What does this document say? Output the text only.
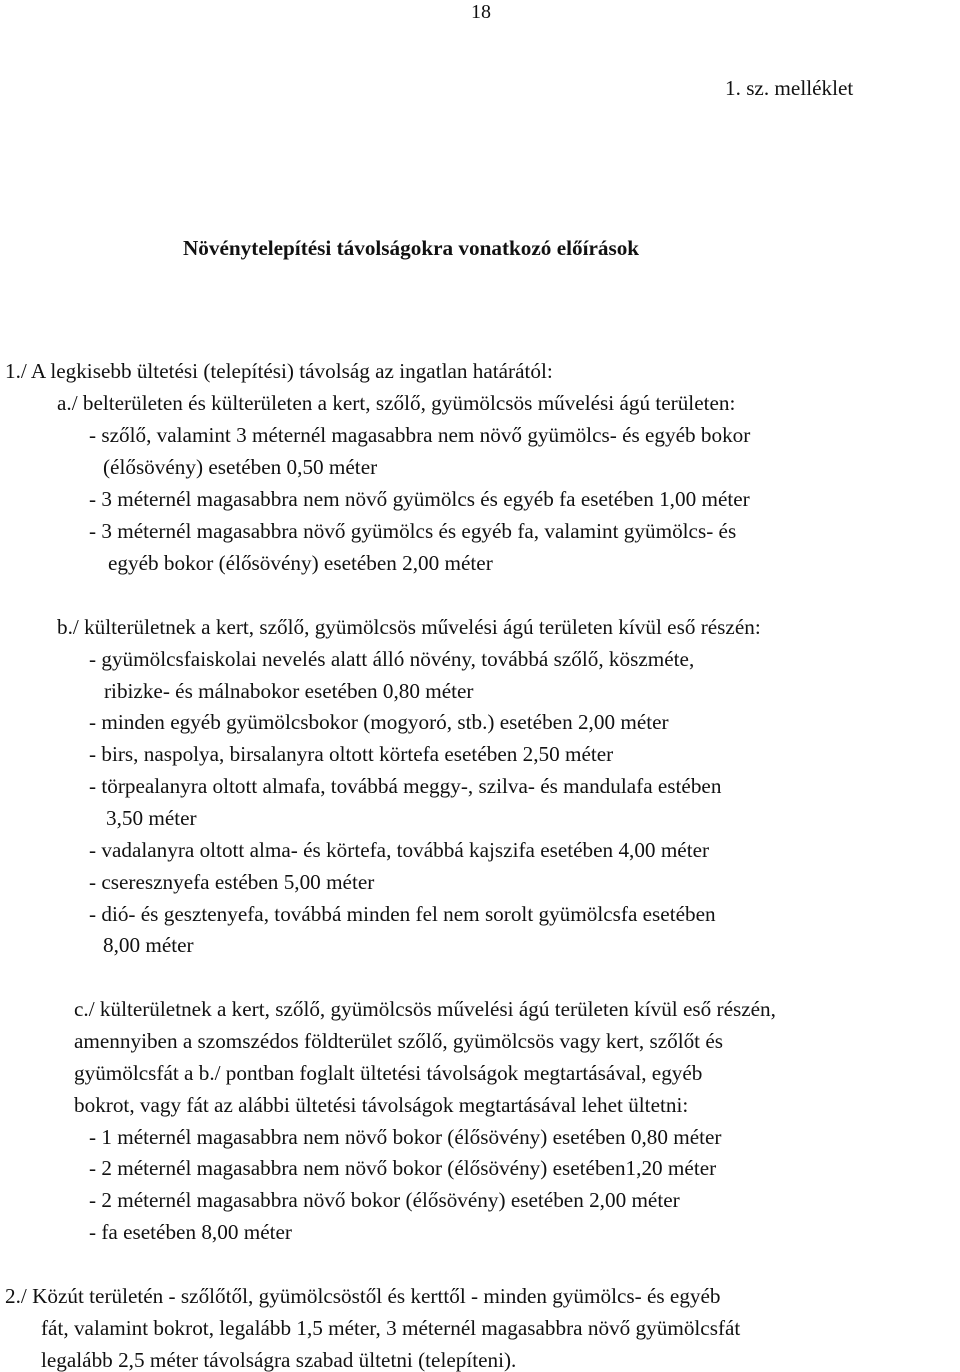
18
1. sz. melléklet
Növénytelepítési távolságokra vonatkozó előírások
1./ A legkisebb ültetési (telepítési) távolság az ingatlan határától:
a./ belterületen és külterületen a kert, szőlő, gyümölcsös művelési ágú területen:
- szőlő, valamint 3 méternél magasabbra nem növő gyümölcs- és egyéb bokor
(élősövény) esetében 0,50 méter
- 3 méternél magasabbra nem növő gyümölcs és egyéb fa esetében 1,00 méter
- 3 méternél magasabbra növő gyümölcs és egyéb fa, valamint gyümölcs- és
egyéb bokor (élősövény) esetében 2,00 méter
b./ külterületnek a kert, szőlő, gyümölcsös művelési ágú területen kívül eső részén:
- gyümölcsfaiskolai nevelés alatt álló növény, továbbá szőlő, köszméte,
ribizke- és málnabokor esetében 0,80 méter
- minden egyéb gyümölcsbokor (mogyoró, stb.) esetében 2,00 méter
- birs, naspolya, birsalanyra oltott körtefa esetében 2,50 méter
- törpealanyra oltott almafa, továbbá meggy-, szilva- és mandulafa estében
3,50 méter
- vadalanyra oltott alma- és körtefa, továbbá kajszifa esetében 4,00 méter
- cseresznyefa estében 5,00 méter
- dió- és gesztenyefa, továbbá minden fel nem sorolt gyümölcsfa esetében
8,00 méter
c./ külterületnek a kert, szőlő, gyümölcsös művelési ágú területen kívül eső részén,
amennyiben a szomszédos földterület szőlő, gyümölcsös vagy kert, szőlőt és
gyümölcsfát a b./ pontban foglalt ültetési távolságok megtartásával, egyéb
bokrot, vagy fát az alábbi ültetési távolságok megtartásával lehet ültetni:
- 1 méternél magasabbra nem növő bokor (élősövény) esetében 0,80 méter
- 2 méternél magasabbra nem növő bokor (élősövény) esetében1,20 méter
- 2 méternél magasabbra növő bokor (élősövény) esetében 2,00 méter
- fa esetében 8,00 méter
2./ Közút területén - szőlőtől, gyümölcsöstől és kerttől - minden gyümölcs- és egyéb
fát, valamint bokrot, legalább 1,5 méter, 3 méternél magasabbra növő gyümölcsfát
legalább 2,5 méter távolságra szabad ültetni (telepíteni).
